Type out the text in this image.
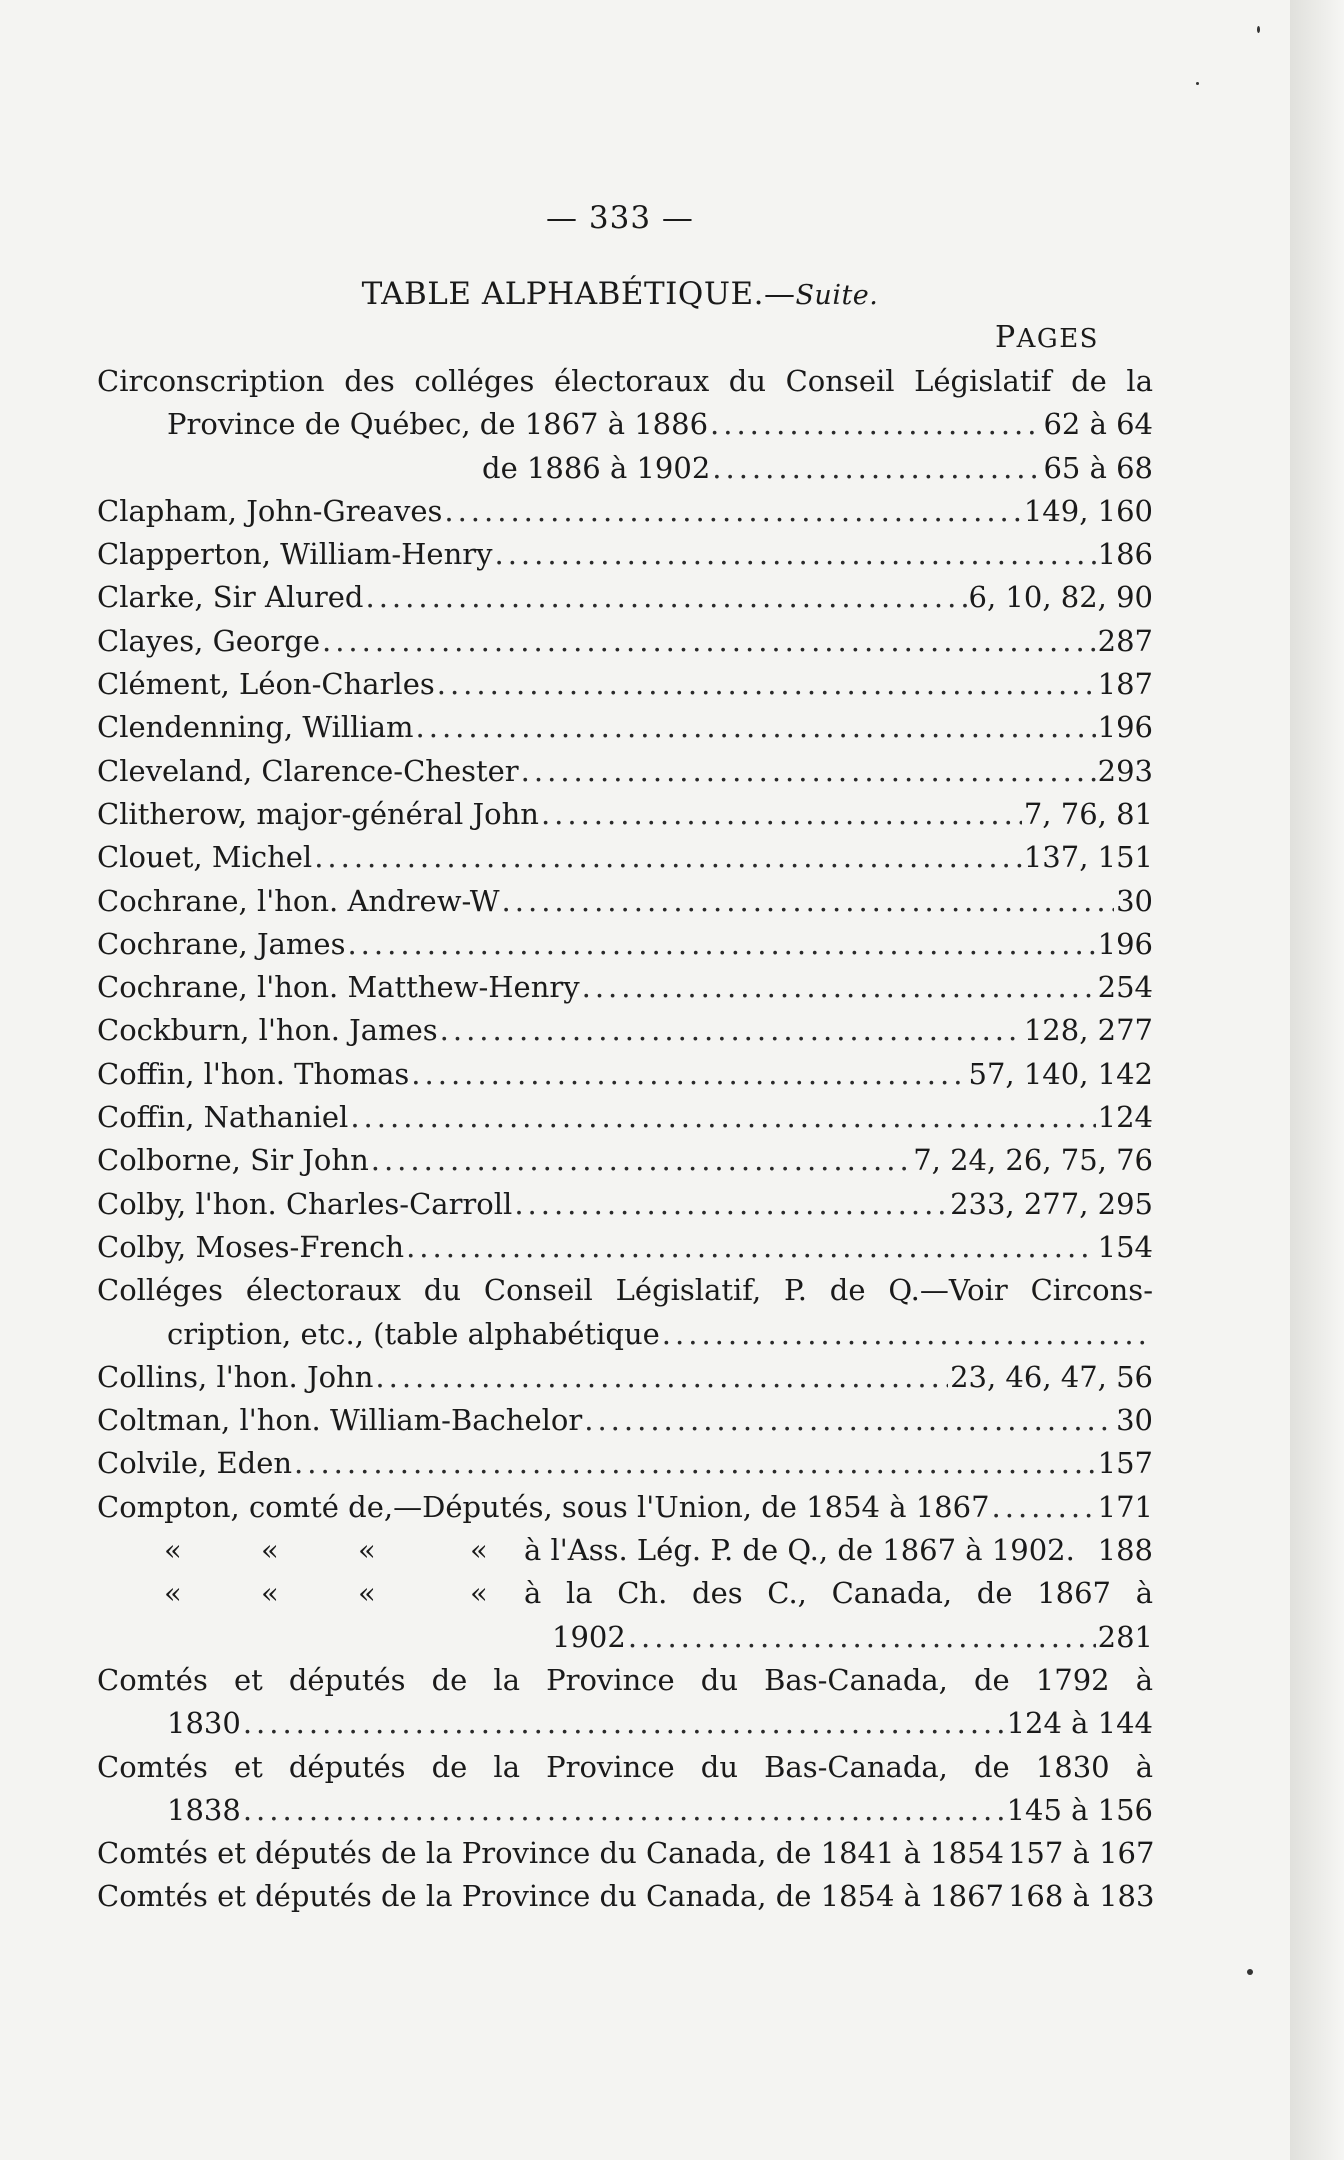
— 333 —
TABLE ALPHABÉTIQUE.—Suite.
PAGES
Circonscription des colléges électoraux du Conseil Législatif de la
Province de Québec, de 1867 à 1886 .....	62 à 64
de 1886 à 1902 .....	65 à 68
Clapham, John-Greaves .....	149, 160
Clapperton, William-Henry .....	186
Clarke, Sir Alured .....	6, 10, 82, 90
Clayes, George .....	287
Clément, Léon-Charles .....	187
Clendenning, William .....	196
Cleveland, Clarence-Chester .....	293
Clitherow, major-général John .....	7, 76, 81
Clouet, Michel .....	137, 151
Cochrane, l'hon. Andrew-W .....	30
Cochrane, James .....	196
Cochrane, l'hon. Matthew-Henry .....	254
Cockburn, l'hon. James .....	128, 277
Coffin, l'hon. Thomas .....	57, 140, 142
Coffin, Nathaniel .....	124
Colborne, Sir John .....	7, 24, 26, 75, 76
Colby, l'hon. Charles-Carroll .....	233, 277, 295
Colby, Moses-French .....	154
Colléges électoraux du Conseil Législatif, P. de Q.—Voir Circons-
cription, etc., (table alphabétique
.....
Collins, l'hon. John .....	23, 46, 47, 56
Coltman, l'hon. William-Bachelor .....	30
Colvile, Eden .....	157
Compton, comté de,—Députés, sous l'Union, de 1854 à 1867 .....	171
«	«	«	« à l'Ass. Lég. P. de Q., de 1867 à 1902. 188
«	«	«	« à la Ch. des C., Canada, de 1867 à
1902 .....	281
Comtés et députés de la Province du Bas-Canada, de 1792 à
1830 .....	124 à 144
Comtés et députés de la Province du Bas-Canada, de 1830 à
1838 .....	145 à 156
Comtés et députés de la Province du Canada, de 1841 à 1854 157 à 167
Comtés et députés de la Province du Canada, de 1854 à 1867 168 à 183
